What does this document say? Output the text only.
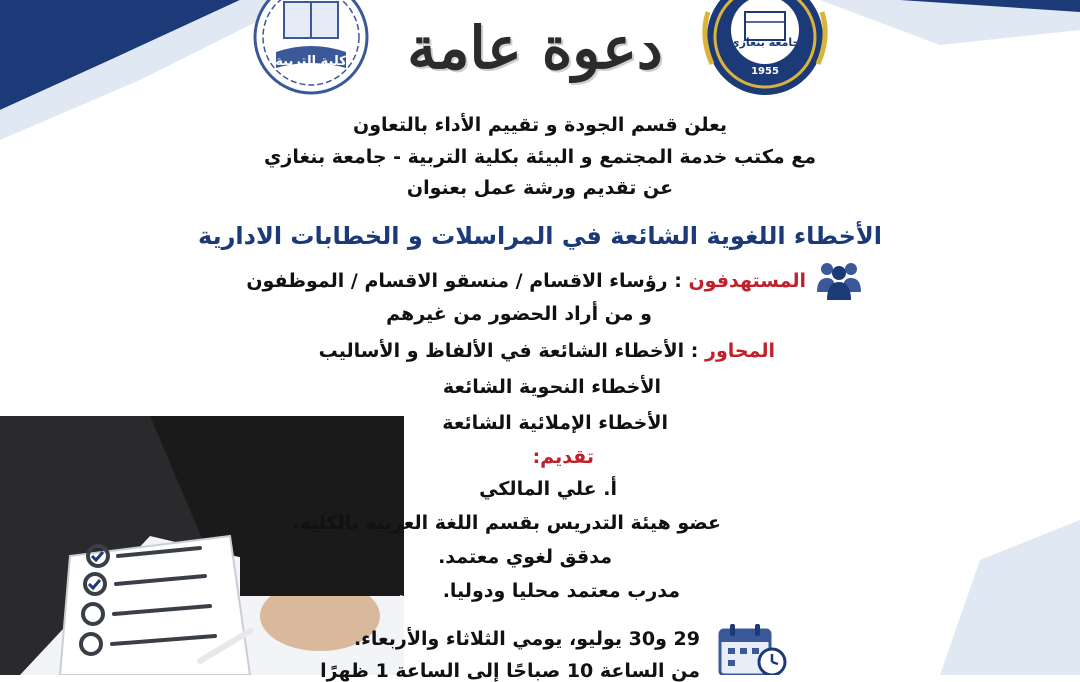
كلية التربية	دعوة عامة	جامعة بنغازي
1955
يعلن قسم الجودة و تقييم الأداء بالتعاون
مع مكتب خدمة المجتمع و البيئة بكلية التربية - جامعة بنغازي
عن تقديم ورشة عمل بعنوان
الأخطاء اللغوية الشائعة في المراسلات و الخطابات الادارية
المستهدفون : رؤساء الاقسام / منسقو الاقسام / الموظفون
و من أراد الحضور من غيرهم
المحاور : الأخطاء الشائعة في الألفاظ و الأساليب
الأخطاء النحوية الشائعة
الأخطاء الإملائية الشائعة
تقديم:
أ. علي المالكي
عضو هيئة التدريس بقسم اللغة العربية بالكلية.
مدقق لغوي معتمد.
مدرب معتمد محليا ودوليا.
29 و30 يوليو، يومي الثلاثاء والأربعاء.
من الساعة 10 صباحًا إلى الساعة 1 ظهرًا
